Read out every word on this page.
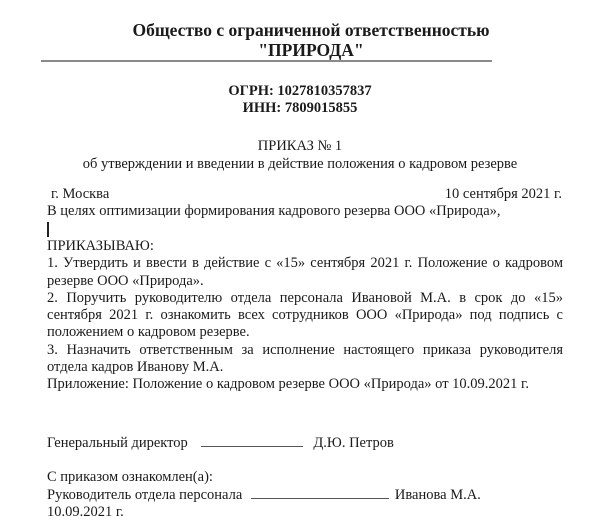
Общество с ограниченной ответственностью
"ПРИРОДА"
ОГРН: 1027810357837
ИНН: 7809015855
ПРИКАЗ № 1
об утверждении и введении в действие положения о кадровом резерве
г. Москва	10 сентября 2021 г.
В целях оптимизации формирования кадрового резерва ООО «Природа»,

ПРИКАЗЫВАЮ:

1. Утвердить и ввести в действие с «15» сентября 2021 г. Положение о кадровом резерве ООО «Природа».

2. Поручить руководителю отдела персонала Ивановой М.А. в срок до «15» сентября 2021 г. ознакомить всех сотрудников ООО «Природа» под подпись с положением о кадровом резерве.

3. Назначить ответственным за исполнение настоящего приказа руководителя отдела кадров Иванову М.А.

Приложение: Положение о кадровом резерве ООО «Природа» от 10.09.2021 г.

Генеральный директор	Д.Ю. Петров
С приказом ознакомлен(а):
Руководитель отдела персонала	Иванова М.А.
10.09.2021 г.
